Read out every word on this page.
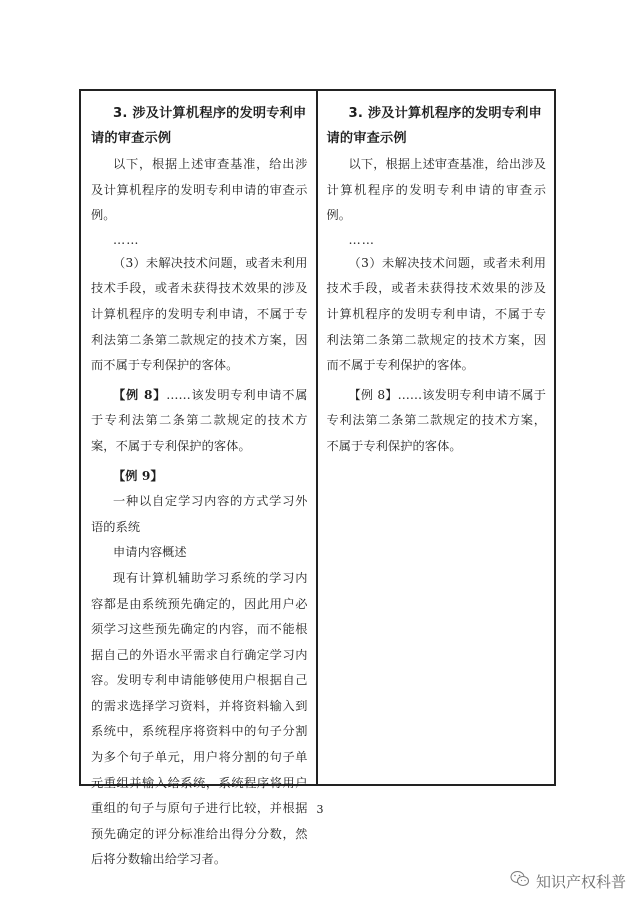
3. 涉及计算机程序的发明专利申请的审查示例

以下，根据上述审查基准，给出涉及计算机程序的发明专利申请的审查示例。

……

（3）未解决技术问题，或者未利用技术手段，或者未获得技术效果的涉及计算机程序的发明专利申请，不属于专利法第二条第二款规定的技术方案，因而不属于专利保护的客体。

【例 8】……该发明专利申请不属于专利法第二条第二款规定的技术方案，不属于专利保护的客体。

【例 9】

一种以自定学习内容的方式学习外语的系统

申请内容概述

现有计算机辅助学习系统的学习内容都是由系统预先确定的，因此用户必须学习这些预先确定的内容，而不能根据自己的外语水平需求自行确定学习内容。发明专利申请能够使用户根据自己的需求选择学习资料，并将资料输入到系统中，系统程序将资料中的句子分割为多个句子单元，用户将分割的句子单元重组并输入给系统，系统程序将用户重组的句子与原句子进行比较，并根据预先确定的评分标准给出得分分数，然后将分数输出给学习者。

3. 涉及计算机程序的发明专利申请的审查示例

以下，根据上述审查基准，给出涉及计算机程序的发明专利申请的审查示例。

……

（3）未解决技术问题，或者未利用技术手段，或者未获得技术效果的涉及计算机程序的发明专利申请，不属于专利法第二条第二款规定的技术方案，因而不属于专利保护的客体。

【例 8】……该发明专利申请不属于专利法第二条第二款规定的技术方案，不属于专利保护的客体。

3
知识产权科普
